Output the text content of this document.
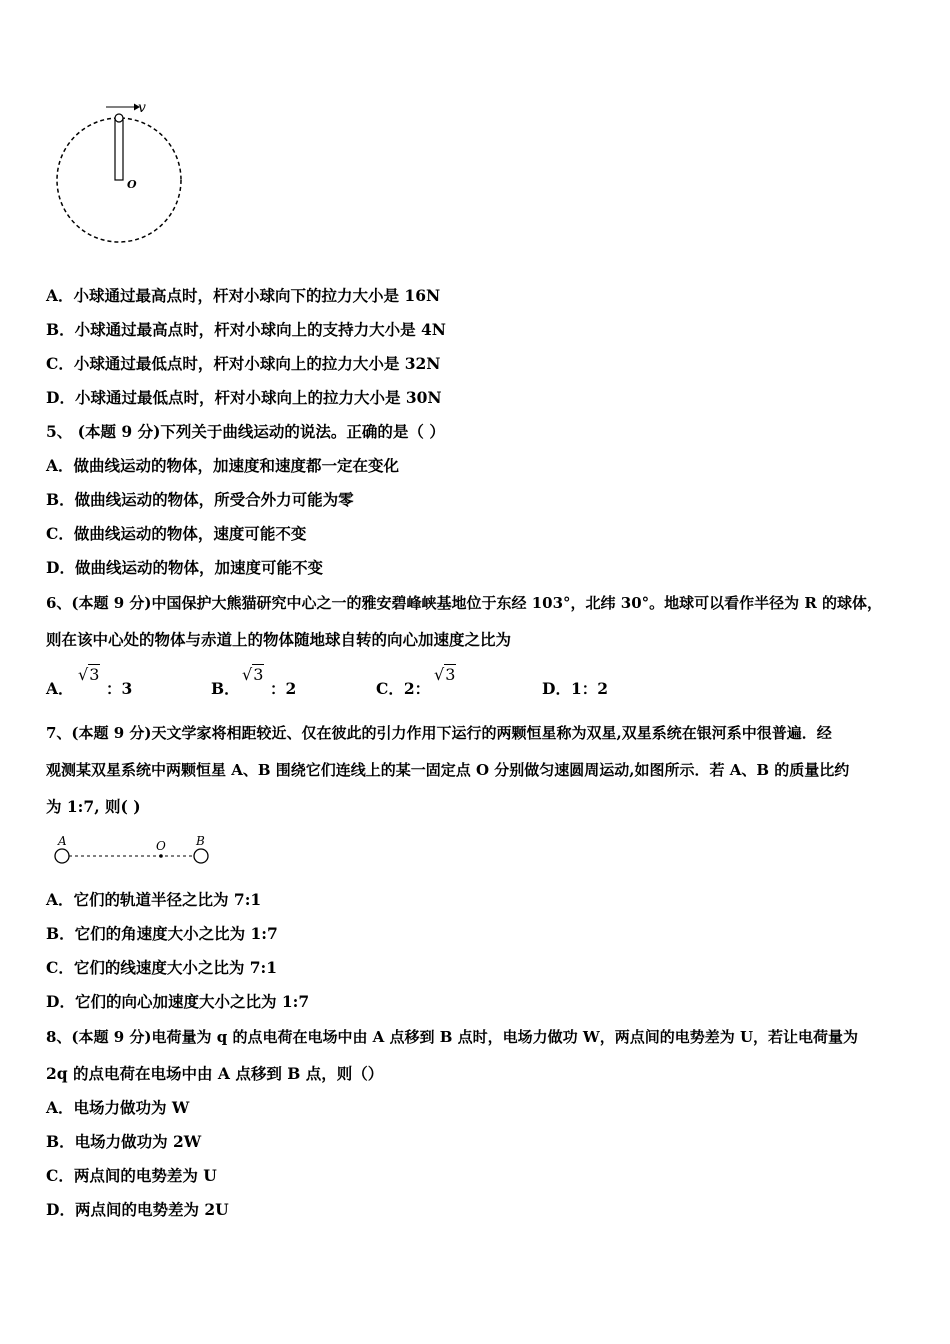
v
O
A．小球通过最高点时，杆对小球向下的拉力大小是 16N
B．小球通过最高点时，杆对小球向上的支持力大小是 4N
C．小球通过最低点时，杆对小球向上的拉力大小是 32N
D．小球通过最低点时，杆对小球向上的拉力大小是 30N
5、 (本题 9 分)下列关于曲线运动的说法。正确的是（ ）
A．做曲线运动的物体，加速度和速度都一定在变化
B．做曲线运动的物体，所受合外力可能为零
C．做曲线运动的物体，速度可能不变
D．做曲线运动的物体，加速度可能不变
6、(本题 9 分)中国保护大熊猫研究中心之一的雅安碧峰峡基地位于东经 103°，北纬 30°。地球可以看作半径为 R 的球体，
则在该中心处的物体与赤道上的物体随地球自转的向心加速度之比为
A．
√3
：3	B．
√3
：2	C．2：
√3
D．1：2
7、(本题 9 分)天文学家将相距较近、仅在彼此的引力作用下运行的两颗恒星称为双星,双星系统在银河系中很普遍．经
观测某双星系统中两颗恒星 A、B 围绕它们连线上的某一固定点 O 分别做匀速圆周运动,如图所示．若 A、B 的质量比约
为 1:7, 则( )
A	O	B
A．它们的轨道半径之比为 7:1
B．它们的角速度大小之比为 1:7
C．它们的线速度大小之比为 7:1
D．它们的向心加速度大小之比为 1:7
8、(本题 9 分)电荷量为 q 的点电荷在电场中由 A 点移到 B 点时，电场力做功 W，两点间的电势差为 U，若让电荷量为
2q 的点电荷在电场中由 A 点移到 B 点，则（）
A．电场力做功为 W
B．电场力做功为 2W
C．两点间的电势差为 U
D．两点间的电势差为 2U
